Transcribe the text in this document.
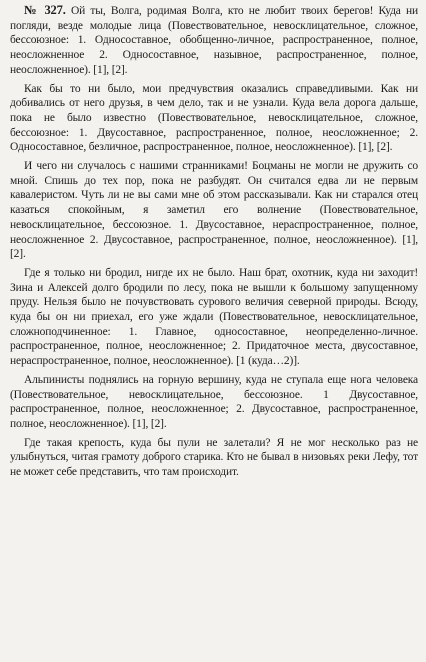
№ 327. Ой ты, Волга, родимая Волга, кто не любит твоих берегов! Куда ни погляди, везде молодые лица (Повествовательное, невосклицательное, сложное, бессоюзное: 1. Односоставное, обобщенно-личное, распространенное, полное, неосложненное 2. Односоставное, назывное, распространенное, полное, неосложненное). [1], [2].

Как бы то ни было, мои предчувствия оказались справедливыми. Как ни добивались от него друзья, в чем дело, так и не узнали. Куда вела дорога дальше, пока не было известно (Повествовательное, невосклицательное, сложное, бессоюзное: 1. Двусоставное, распространенное, полное, неосложненное; 2. Односоставное, безличное, распространенное, полное, неосложненное). [1], [2].

И чего ни случалось с нашими странниками! Боцманы не могли не дружить со мной. Спишь до тех пор, пока не разбудят. Он считался едва ли не первым кавалеристом. Чуть ли не вы сами мне об этом рассказывали. Как ни старался отец казаться спокойным, я заметил его волнение (Повествовательное, невосклицательное, бессоюзное. 1. Двусоставное, нераспространенное, полное, неосложненное 2. Двусоставное, распространенное, полное, неосложненное). [1], [2].

Где я только ни бродил, нигде их не было. Наш брат, охотник, куда ни заходит! Зина и Алексей долго бродили по лесу, пока не вышли к большому запущенному пруду. Нельзя было не почувствовать сурового величия северной природы. Всюду, куда бы он ни приехал, его уже ждали (Повествовательное, невосклицательное, сложноподчиненное: 1. Главное, односоставное, неопределенно-личное. распространенное, полное, неосложненное; 2. Придаточное места, двусоставное, нераспространенное, полное, неосложненное). [1 (куда…2)].

Альпинисты поднялись на горную вершину, куда не ступала еще нога человека (Повествовательное, невосклицательное, бессоюзное. 1 Двусоставное, распространенное, полное, неосложненное; 2. Двусоставное, распространенное, полное, неосложненное). [1], [2].

Где такая крепость, куда бы пули не залетали? Я не мог несколько раз не улыбнуться, читая грамоту доброго старика. Кто не бывал в низовьях реки Лефу, тот не может себе представить, что там происходит.
